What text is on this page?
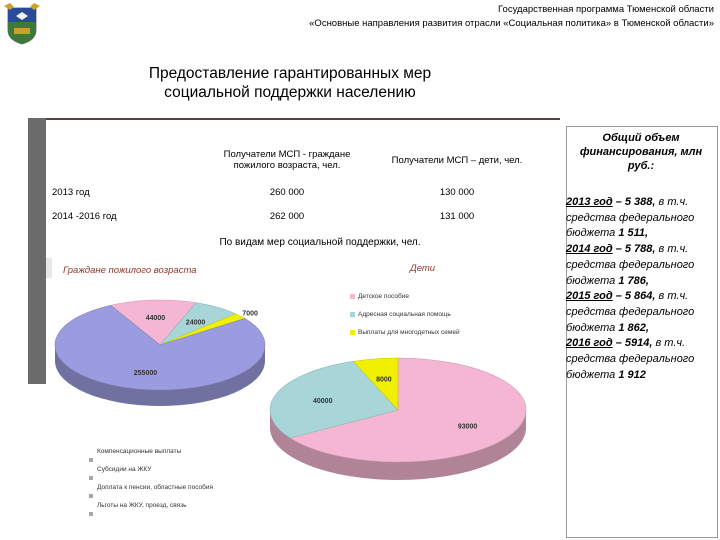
Государственная программа Тюменской области
«Основные направления развития отрасли «Социальная политика» в Тюменской области»
Предоставление гарантированных мер
социальной поддержки населению
	Получатели МСП - граждане пожилого возраста, чел.	Получатели МСП – дети, чел.
2013 год	260 000	130 000
2014 -2016 год	262 000	131 000
По видам мер социальной поддержки, чел.
Граждане пожилого возраста	Дети
44000
24000
7000
255000
93000
40000
8000
Детское пособие
Адресная социальная помощь
Выплаты для многодетных семей
Компенсационные выплаты
Субсидии на ЖКУ
Доплата к пенсии, областные пособия
Льготы на ЖКУ, проезд, связь
Общий объем финансирования, млн руб.:

2013 год – 5 388, в т.ч. средства федерального бюджета 1 511,

2014 год – 5 788, в т.ч. средства федерального бюджета 1 786,

2015 год – 5 864, в т.ч. средства федерального бюджета 1 862,

2016 год – 5914, в т.ч. средства федерального бюджета 1 912
